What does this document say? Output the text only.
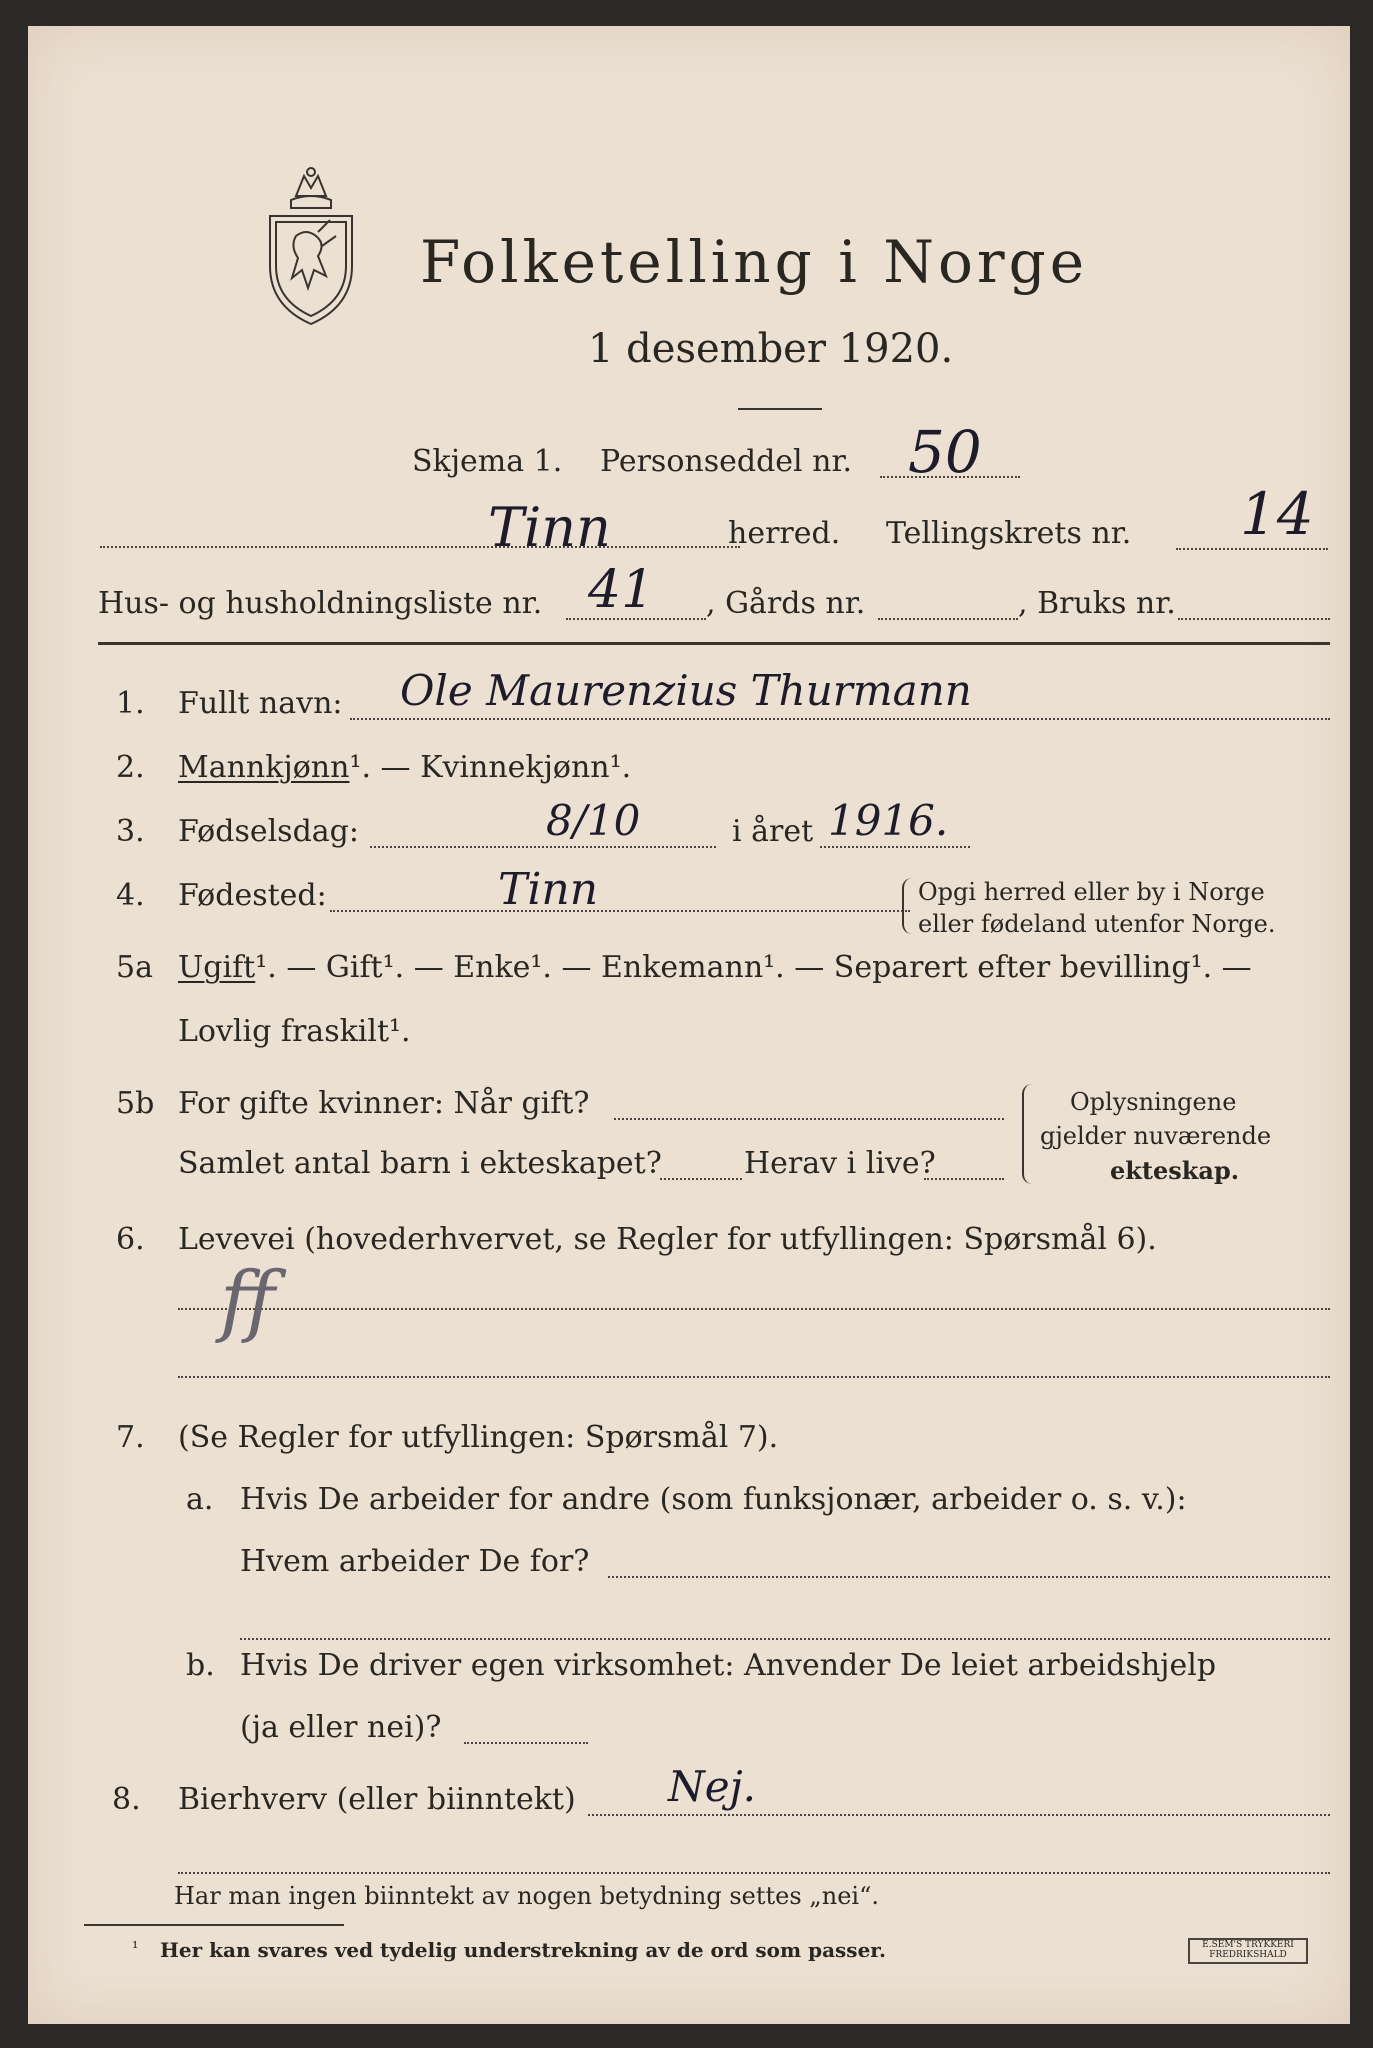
Folketelling i Norge
1 desember 1920.
Skjema 1. Personseddel nr. 50
Tinn	herred. Tellingskrets nr. 14
Hus- og husholdningsliste nr. 41 , Gårds nr.	, Bruks nr.
1. Fullt navn: Ole Maurenzius Thurmann
2. Mannkjønn¹. — Kvinnekjønn¹.
3. Fødselsdag:	8/10	i året 1916.
4. Fødested:	Tinn	Opgi herred eller by i Norge
eller fødeland utenfor Norge.
5a Ugift¹. — Gift¹. — Enke¹. — Enkemann¹. — Separert efter bevilling¹. —
Lovlig fraskilt¹.
5b For gifte kvinner: Når gift?
Samlet antal barn i ekteskapet?	Herav i live?
Oplysningene
gjelder nuværende
ekteskap.
6. Levevei (hovederhvervet, se Regler for utfyllingen: Spørsmål 6).
ff
7. (Se Regler for utfyllingen: Spørsmål 7).
a. Hvis De arbeider for andre (som funksjonær, arbeider o. s. v.):
Hvem arbeider De for?
b. Hvis De driver egen virksomhet: Anvender De leiet arbeidshjelp
(ja eller nei)?
8. Bierhverv (eller biinntekt) Nej.
Har man ingen biinntekt av nogen betydning settes „nei“.
¹ Her kan svares ved tydelig understrekning av de ord som passer.	E.SEM'S TRYKKERI
FREDRIKSHALD
